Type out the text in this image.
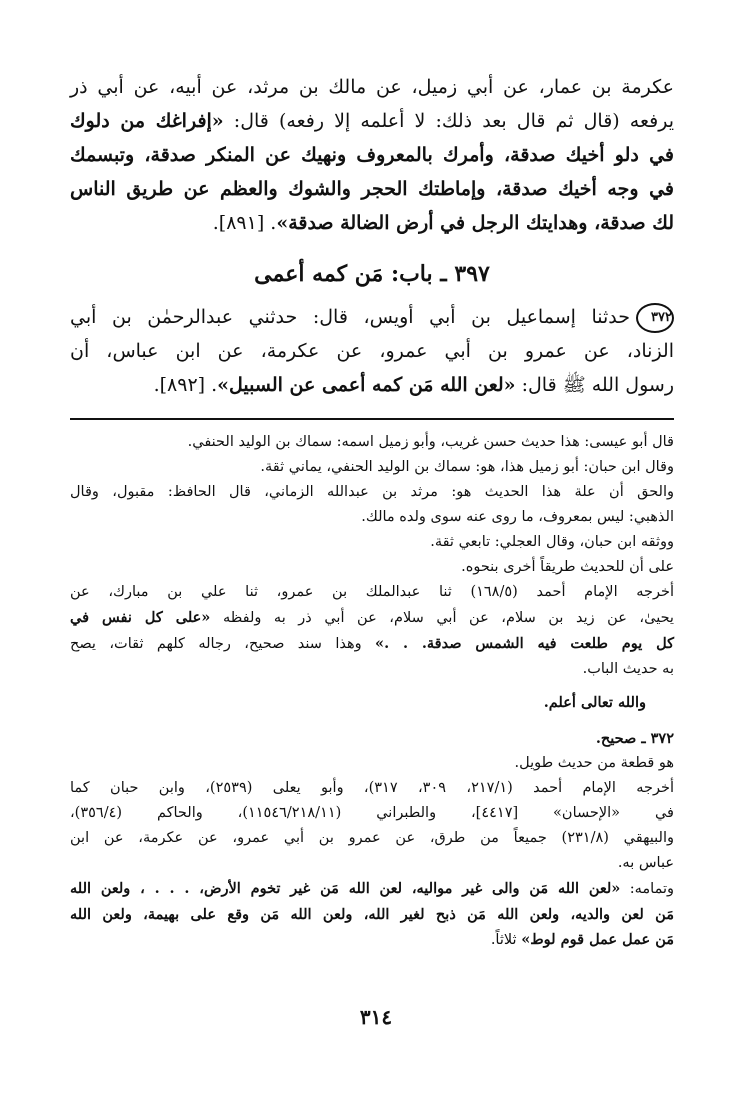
عكرمة بن عمار، عن أبي زميل، عن مالك بن مرثد، عن أبيه، عن أبي ذر
يرفعه (قال ثم قال بعد ذلك: لا أعلمه إلا رفعه) قال: «إفراغك من دلوك
في دلو أخيك صدقة، وأمرك بالمعروف ونهيك عن المنكر صدقة، وتبسمك
في وجه أخيك صدقة، وإماطتك الحجر والشوك والعظم عن طريق الناس
لك صدقة، وهدايتك الرجل في أرض الضالة صدقة». [٨٩١].
٣٩٧ ـ باب: مَن كمه أعمى
٣٧٢حدثنا إسماعيل بن أبي أويس، قال: حدثني عبدالرحمٰن بن أبي
الزناد، عن عمرو بن أبي عمرو، عن عكرمة، عن ابن عباس، أن
رسول الله ﷺ قال: «لعن الله مَن كمه أعمى عن السبيل». [٨٩٢].
قال أبو عيسى: هذا حديث حسن غريب، وأبو زميل اسمه: سماك بن الوليد الحنفي.
وقال ابن حبان: أبو زميل هذا، هو: سماك بن الوليد الحنفي، يماني ثقة.
والحق أن علة هذا الحديث هو: مرثد بن عبدالله الزماني، قال الحافظ: مقبول، وقال
الذهبي: ليس بمعروف، ما روى عنه سوى ولده مالك.
ووثقه ابن حبان، وقال العجلي: تابعي ثقة.
على أن للحديث طريقاً أخرى بنحوه.
أخرجه الإمام أحمد (١٦٨/٥) ثنا عبدالملك بن عمرو، ثنا علي بن مبارك، عن
يحيىٰ، عن زيد بن سلام، عن أبي سلام، عن أبي ذر به ولفظه «على كل نفس في
كل يوم طلعت فيه الشمس صدقة. . .» وهذا سند صحيح، رجاله كلهم ثقات، يصح
به حديث الباب.
والله تعالى أعلم.
٣٧٢ ـ صحيح.
هو قطعة من حديث طويل.
أخرجه الإمام أحمد (٢١٧/١، ٣٠٩، ٣١٧)، وأبو يعلى (٢٥٣٩)، وابن حبان كما
في «الإحسان» [٤٤١٧]، والطبراني (١١٥٤٦/٢١٨/١١)، والحاكم (٣٥٦/٤)،
والبيهقي (٢٣١/٨) جميعاً من طرق، عن عمرو بن أبي عمرو، عن عكرمة، عن ابن
عباس به.
وتمامه: «لعن الله مَن والى غير مواليه، لعن الله مَن غير تخوم الأرض، . . . ، ولعن الله
مَن لعن والديه، ولعن الله مَن ذبح لغير الله، ولعن الله مَن وقع على بهيمة، ولعن الله
مَن عمل عمل قوم لوط» ثلاثاً.
٣١٤
